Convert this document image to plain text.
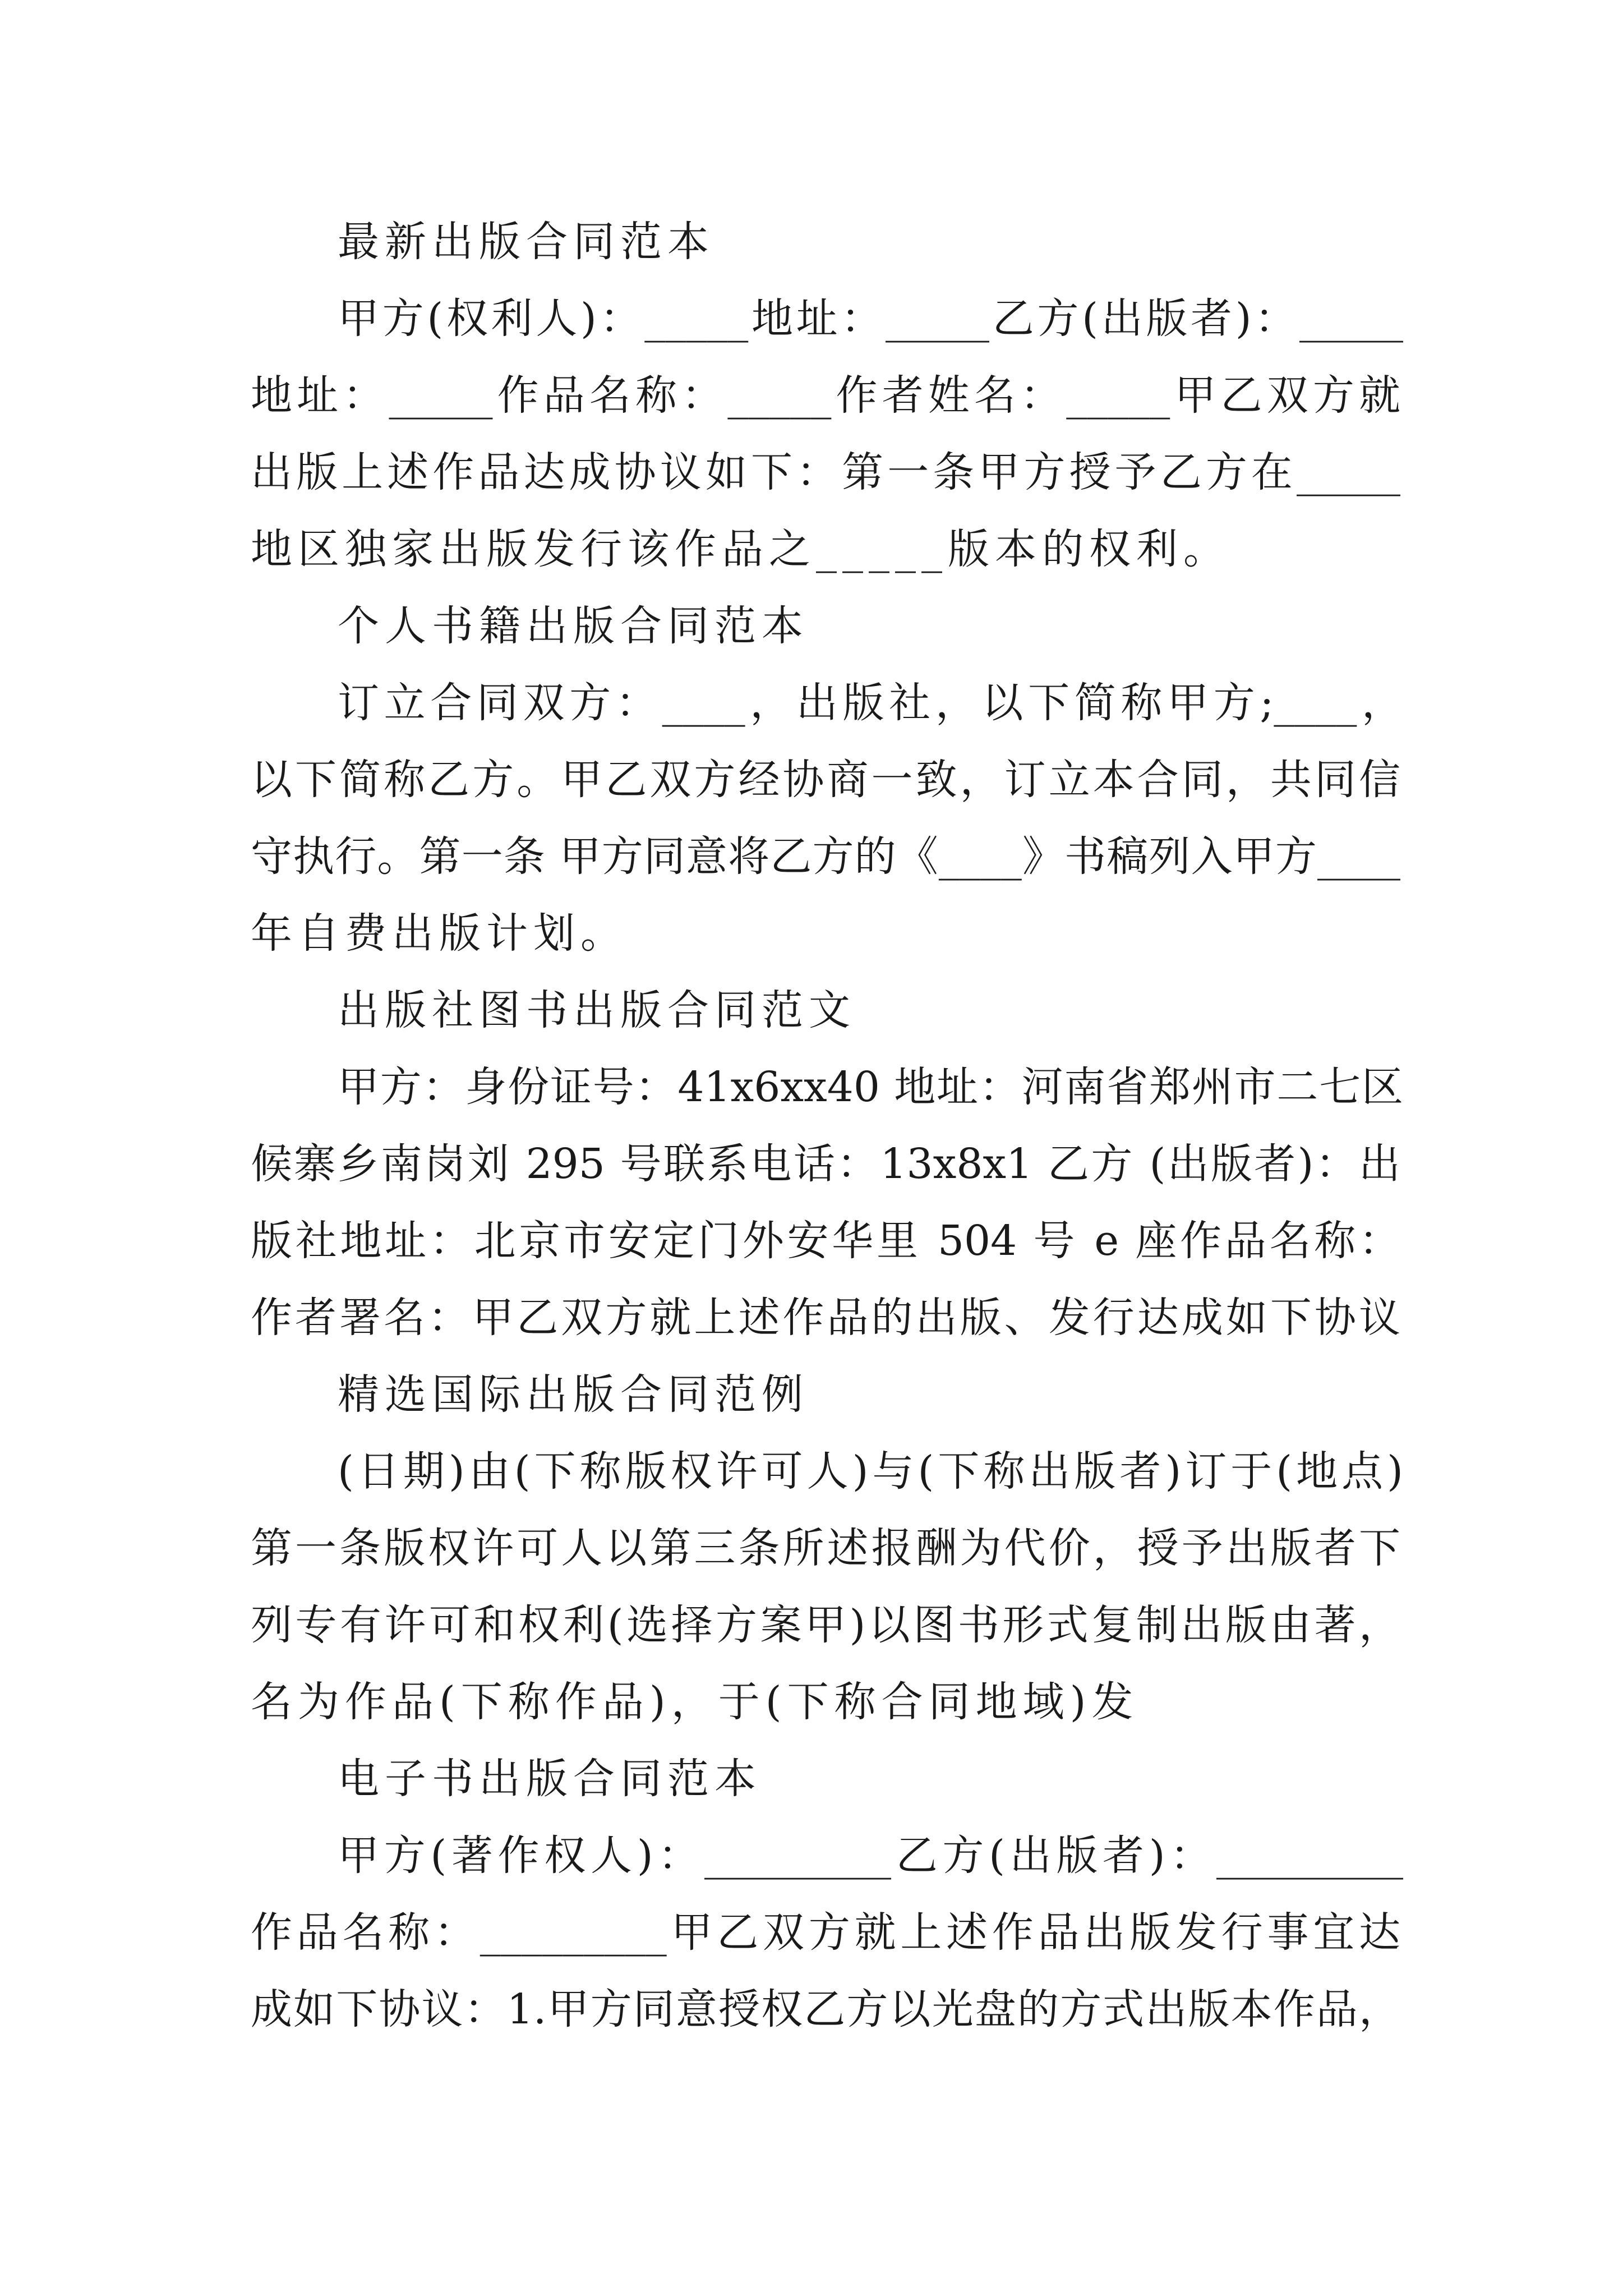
最新出版合同范本
甲方(权利人)：_____地址：_____乙方(出版者)：_____
地址：_____作品名称：_____作者姓名：_____甲乙双方就
出版上述作品达成协议如下：第一条甲方授予乙方在_____
地区独家出版发行该作品之_____版本的权利。
个人书籍出版合同范本
订立合同双方：____，出版社，以下简称甲方;____，
以下简称乙方。甲乙双方经协商一致，订立本合同，共同信
守执行。第一条 甲方同意将乙方的《____》书稿列入甲方____
年自费出版计划。
出版社图书出版合同范文
甲方：身份证号：41x6xx40 地址：河南省郑州市二七区
候寨乡南岗刘 295 号联系电话：13x8x1 乙方 (出版者)：出
版社地址：北京市安定门外安华里 504 号 e 座作品名称：
作者署名：甲乙双方就上述作品的出版、发行达成如下协议
精选国际出版合同范例
(日期)由(下称版权许可人)与(下称出版者)订于(地点)
第一条版权许可人以第三条所述报酬为代价，授予出版者下
列专有许可和权利(选择方案甲)以图书形式复制出版由著，
名为作品(下称作品)，于(下称合同地域)发
电子书出版合同范本
甲方(著作权人)：_________乙方(出版者)：_________
作品名称：_________甲乙双方就上述作品出版发行事宜达
成如下协议：1.甲方同意授权乙方以光盘的方式出版本作品，
